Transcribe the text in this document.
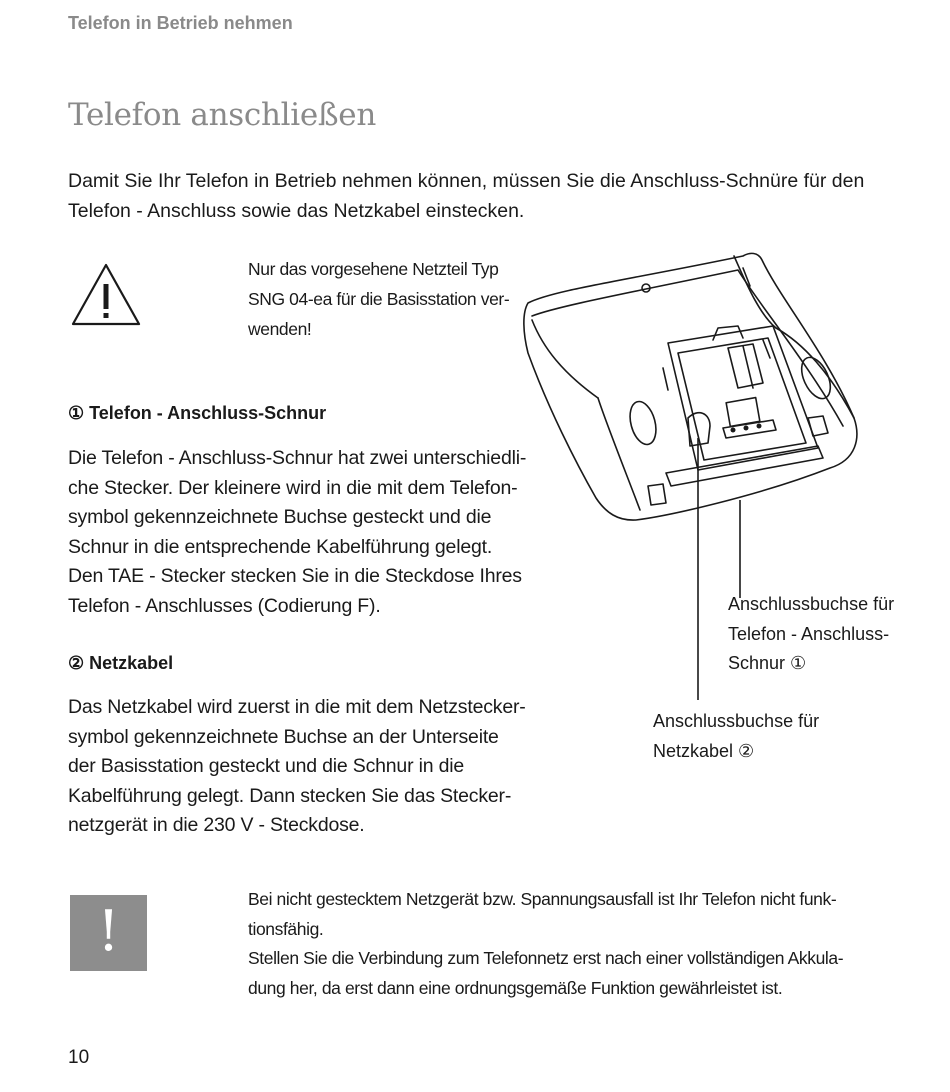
Telefon in Betrieb nehmen
Telefon anschließen
Damit Sie Ihr Telefon in Betrieb nehmen können, müssen Sie die Anschluss-Schnüre für den Telefon - Anschluss sowie das Netzkabel einstecken.
Nur das vorgesehene Netzteil Typ
SNG 04-ea für die Basisstation ver-
wenden!
① Telefon - Anschluss-Schnur
Die Telefon - Anschluss-Schnur hat zwei unterschiedli-
che Stecker. Der kleinere wird in die mit dem Telefon-
symbol gekennzeichnete Buchse gesteckt und die
Schnur in die entsprechende Kabelführung gelegt.
Den TAE - Stecker stecken Sie in die Steckdose Ihres
Telefon - Anschlusses (Codierung F).
② Netzkabel
Das Netzkabel wird zuerst in die mit dem Netzstecker-
symbol gekennzeichnete Buchse an der Unterseite
der Basisstation gesteckt und die Schnur in die
Kabelführung gelegt. Dann stecken Sie das Stecker-
netzgerät in die 230 V - Steckdose.
Anschlussbuchse für
Telefon - Anschluss-
Schnur ①
Anschlussbuchse für
Netzkabel ②
!	Bei nicht gestecktem Netzgerät bzw. Spannungsausfall ist Ihr Telefon nicht funk-
tionsfähig.
Stellen Sie die Verbindung zum Telefonnetz erst nach einer vollständigen Akkula-
dung her, da erst dann eine ordnungsgemäße Funktion gewährleistet ist.
10
